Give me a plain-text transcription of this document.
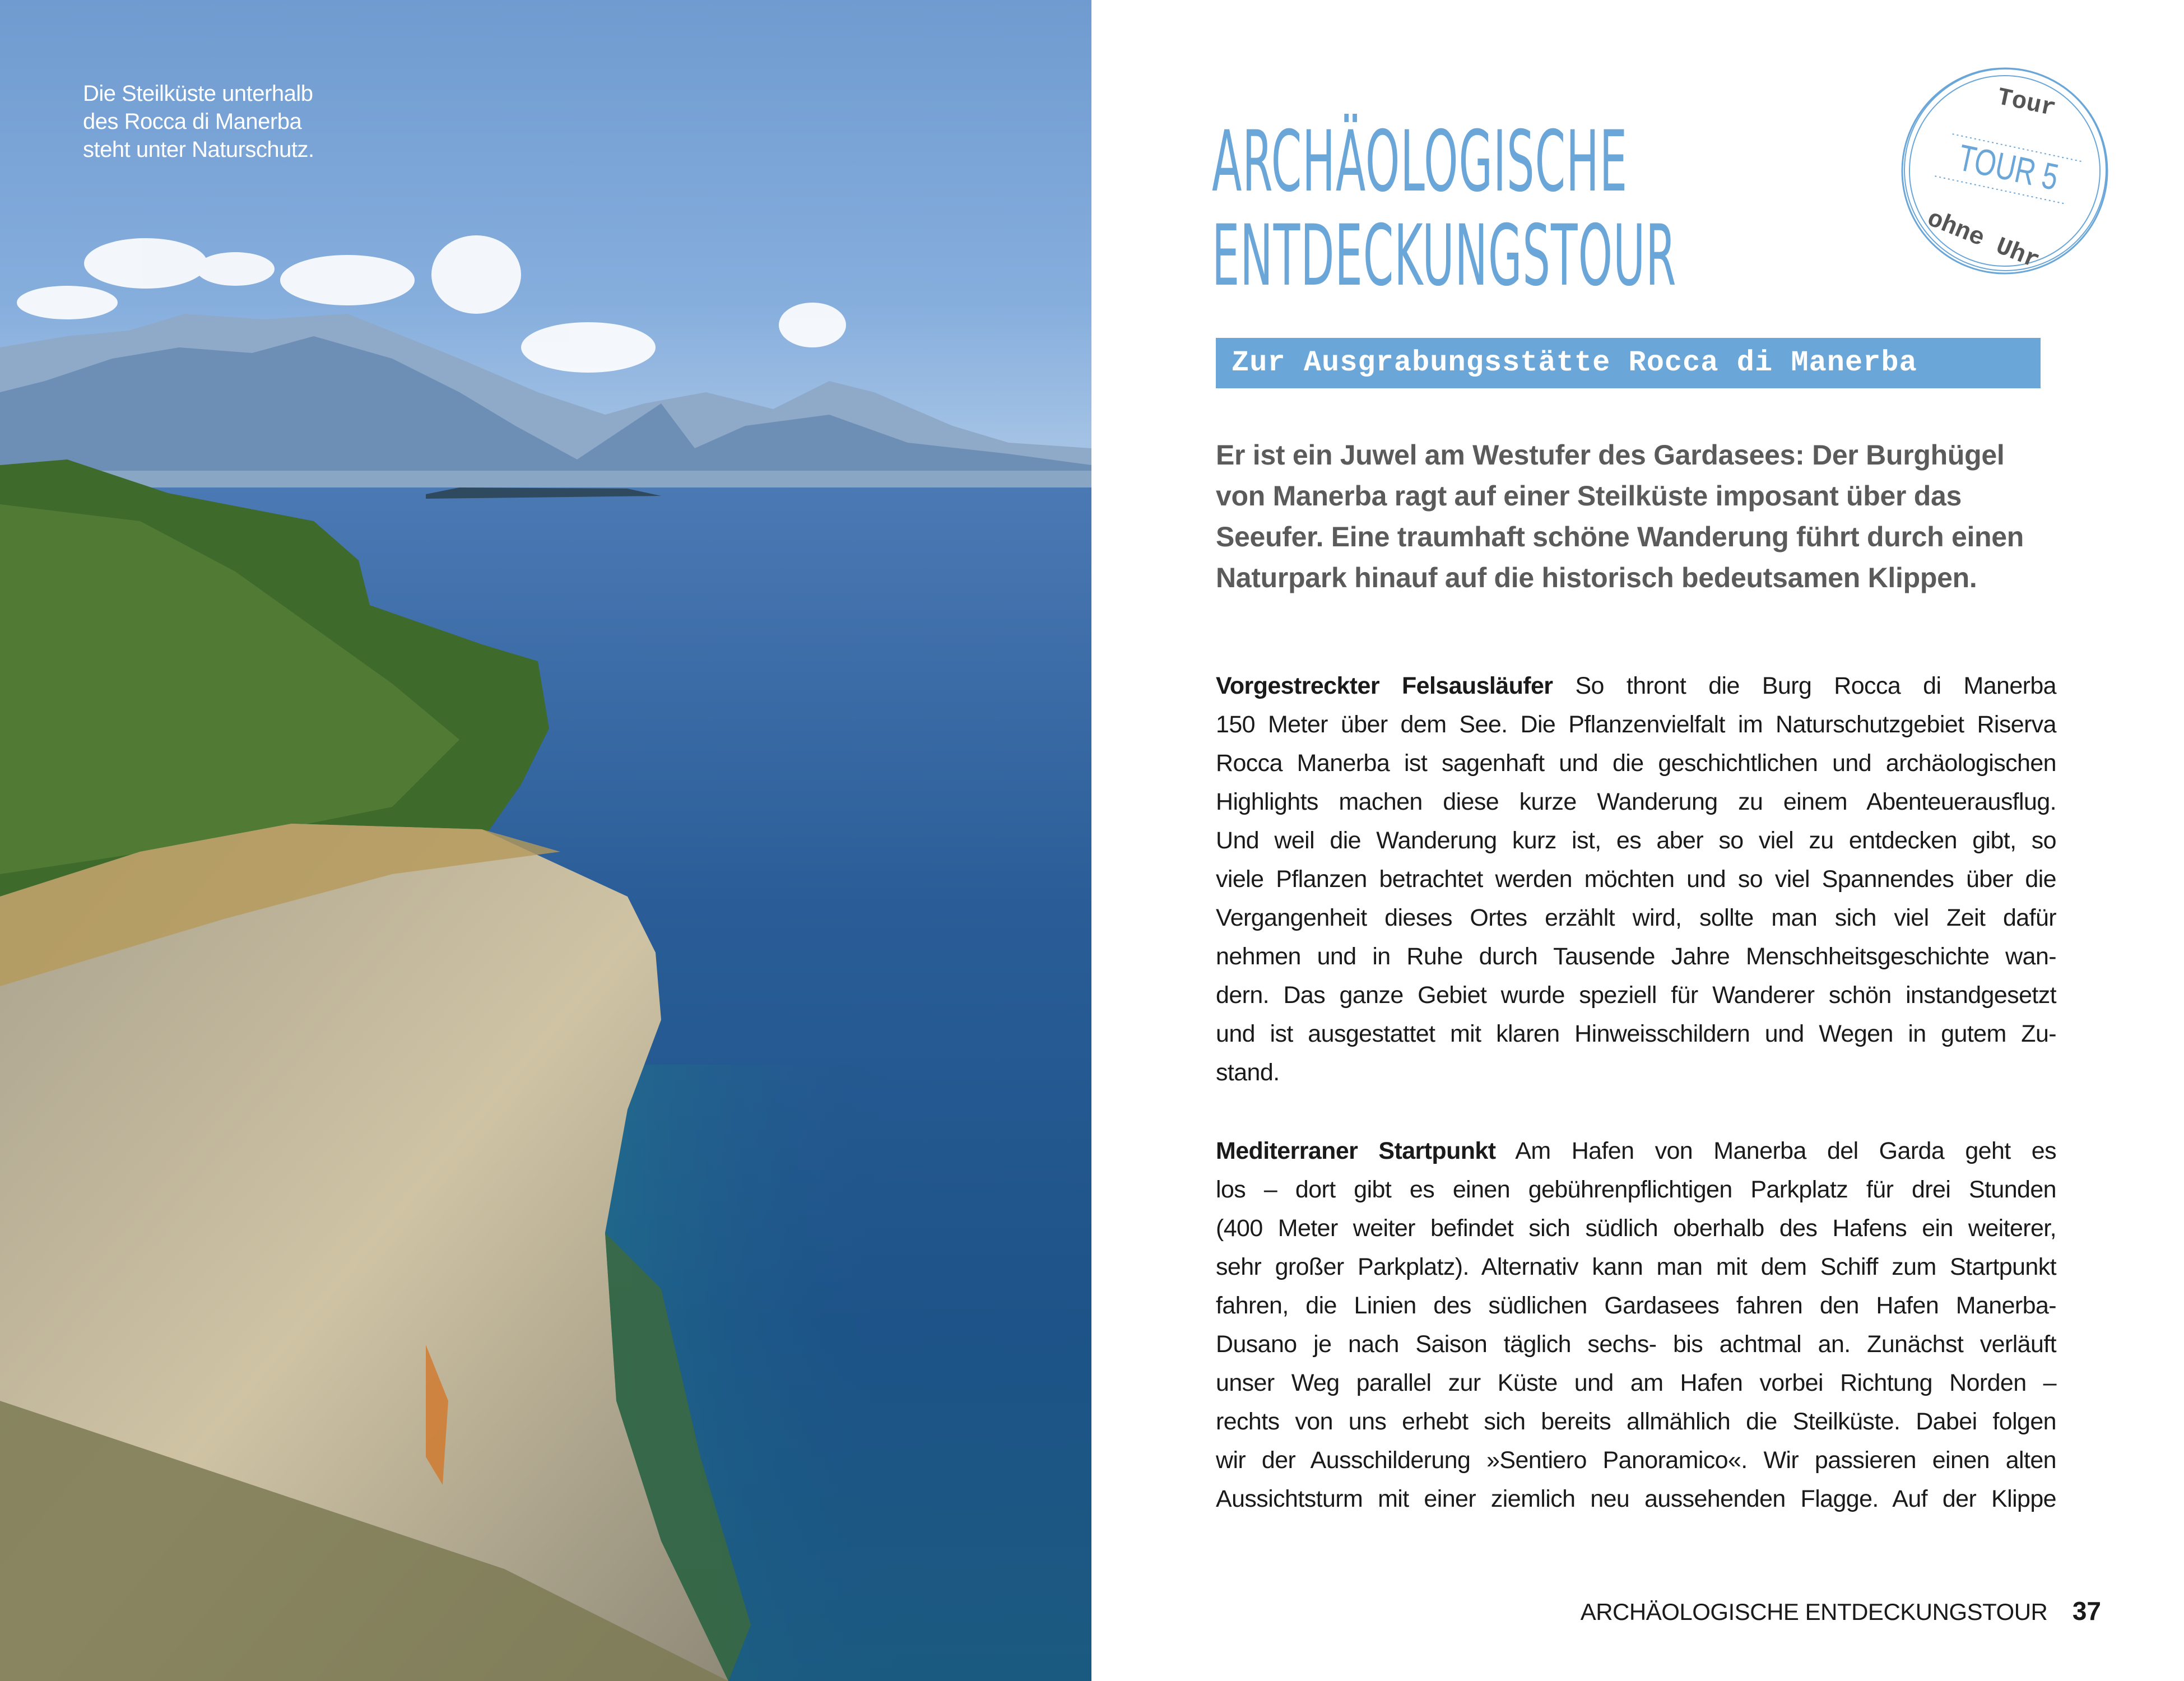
Die Steilküste unterhalb
des Rocca di Manerba
steht unter Naturschutz.	ARCHÄOLOGISCHE
ENTDECKUNGSTOUR
Tour
TOUR 5
ohne Uhr
Zur Ausgrabungsstätte Rocca di Manerba
Er ist ein Juwel am Westufer des Gardasees: Der Burghügel
von Manerba ragt auf einer Steilküste imposant über das
Seeufer. Eine traumhaft schöne Wanderung führt durch einen
Naturpark hinauf auf die historisch bedeutsamen Klippen.
Vorgestreckter Felsausläufer So thront die Burg Rocca di Manerba
150 Meter über dem See. Die Pflanzenvielfalt im Naturschutzgebiet Riserva
Rocca Manerba ist sagenhaft und die geschichtlichen und archäologischen
Highlights machen diese kurze Wanderung zu einem Abenteuerausflug.
Und weil die Wanderung kurz ist, es aber so viel zu entdecken gibt, so
viele Pflanzen betrachtet werden möchten und so viel Spannendes über die
Vergangenheit dieses Ortes erzählt wird, sollte man sich viel Zeit dafür
nehmen und in Ruhe durch Tausende Jahre Menschheitsgeschichte wan-
dern. Das ganze Gebiet wurde speziell für Wanderer schön instandgesetzt
und ist ausgestattet mit klaren Hinweisschildern und Wegen in gutem Zu-
stand.
Mediterraner Startpunkt Am Hafen von Manerba del Garda geht es
los – dort gibt es einen gebührenpflichtigen Parkplatz für drei Stunden
(400 Meter weiter befindet sich südlich oberhalb des Hafens ein weiterer,
sehr großer Parkplatz). Alternativ kann man mit dem Schiff zum Startpunkt
fahren, die Linien des südlichen Gardasees fahren den Hafen Manerba-
Dusano je nach Saison täglich sechs- bis achtmal an. Zunächst verläuft
unser Weg parallel zur Küste und am Hafen vorbei Richtung Norden –
rechts von uns erhebt sich bereits allmählich die Steilküste. Dabei folgen
wir der Ausschilderung »Sentiero Panoramico«. Wir passieren einen alten
Aussichtsturm mit einer ziemlich neu aussehenden Flagge. Auf der Klippe
ARCHÄOLOGISCHE ENTDECKUNGSTOUR 37
